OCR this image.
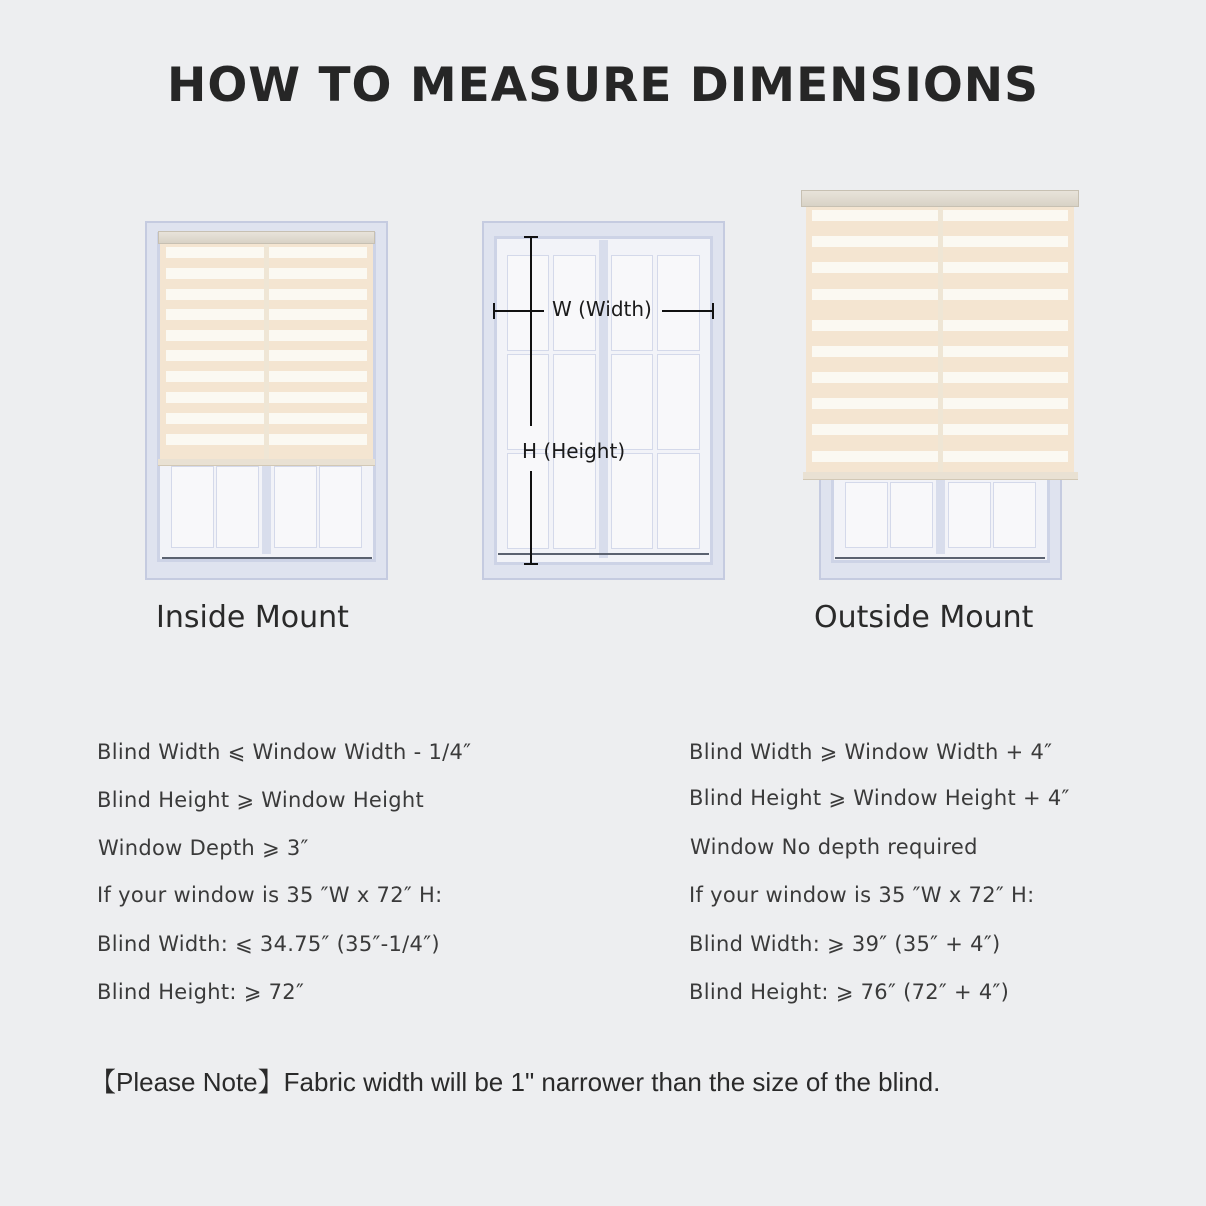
HOW TO MEASURE DIMENSIONS
Inside Mount
H (Height)
W (Width)
Outside Mount
Blind Width ⩽ Window Width - 1/4″
Blind Height ⩾ Window Height
Window Depth ⩾ 3″
If your window is 35 ″W x 72″ H:
Blind Width: ⩽ 34.75″ (35″-1/4″)
Blind Height: ⩾ 72″
Blind Width ⩾ Window Width + 4″
Blind Height ⩾ Window Height + 4″
Window No depth required
If your window is 35 ″W x 72″ H:
Blind Width: ⩾ 39″ (35″ + 4″)
Blind Height: ⩾ 76″ (72″ + 4″)
【Please Note】Fabric width will be 1" narrower than the size of the blind.
